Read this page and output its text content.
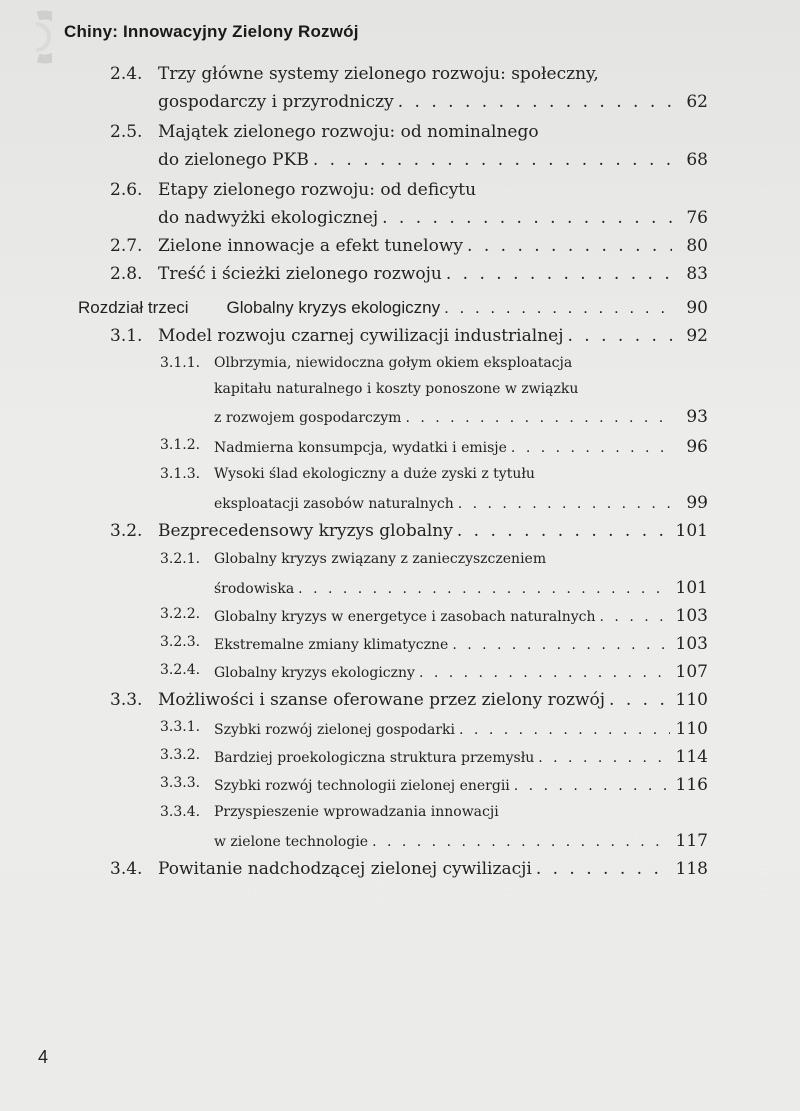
Chiny: Innowacyjny Zielony Rozwój
2.4. Trzy główne systemy zielonego rozwoju: społeczny,
gospodarczy i przyrodniczy . . .	62
2.5. Majątek zielonego rozwoju: od nominalnego
do zielonego PKB . . .	68
2.6. Etapy zielonego rozwoju: od deficytu
do nadwyżki ekologicznej . . .	76
2.7. Zielone innowacje a efekt tunelowy . . .	80
2.8. Treść i ścieżki zielonego rozwoju . . .	83
Rozdział trzeci Globalny kryzys ekologiczny . . .	90
3.1. Model rozwoju czarnej cywilizacji industrialnej . . .	92
3.1.1. Olbrzymia, niewidoczna gołym okiem eksploatacja
kapitału naturalnego i koszty ponoszone w związku
z rozwojem gospodarczym . . .	93
3.1.2. Nadmierna konsumpcja, wydatki i emisje . . .	96
3.1.3. Wysoki ślad ekologiczny a duże zyski z tytułu
eksploatacji zasobów naturalnych . . .	99
3.2. Bezprecedensowy kryzys globalny . . .	101
3.2.1. Globalny kryzys związany z zanieczyszczeniem
środowiska . . .	101
3.2.2. Globalny kryzys w energetyce i zasobach naturalnych . . .	103
3.2.3. Ekstremalne zmiany klimatyczne . . .	103
3.2.4. Globalny kryzys ekologiczny . . .	107
3.3. Możliwości i szanse oferowane przez zielony rozwój . . .	110
3.3.1. Szybki rozwój zielonej gospodarki . . .	110
3.3.2. Bardziej proekologiczna struktura przemysłu . . .	114
3.3.3. Szybki rozwój technologii zielonej energii . . .	116
3.3.4. Przyspieszenie wprowadzania innowacji
w zielone technologie . . .	117
3.4. Powitanie nadchodzącej zielonej cywilizacji . . .	118
4
